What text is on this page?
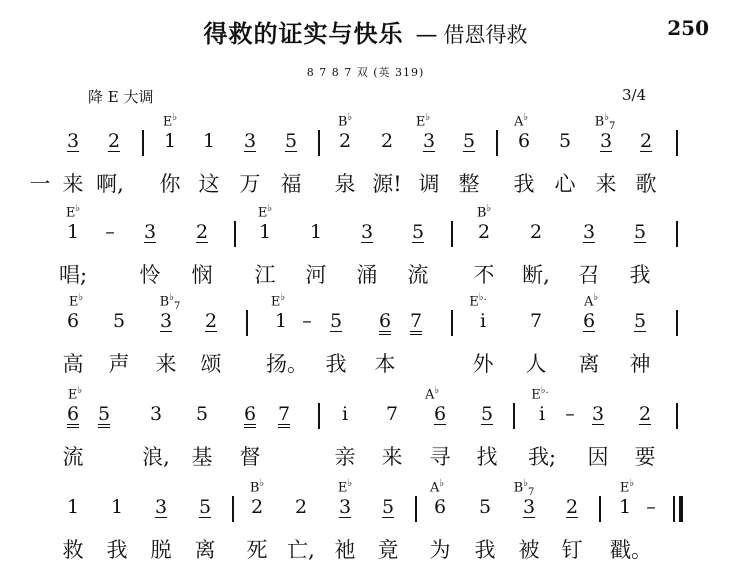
得救的证实与快乐 — 借恩得救	250
8 7 8 7 双 (英 319)
降 E 大调	3/4
E♭	B♭	E♭	A♭	$B^♭_7$
3 2 1 1 3 5 2 2 3 5 6 5 3 2
一 来 啊, 你 这 万 福 泉 源! 调 整 我 心 来 歌
E♭	E♭	B♭
1 – 3 2	1 1 3 5	2 2 3 5
唱; 怜 悯 江 河 涌 流 不 断, 召 我
E♭	$B^♭_7$	E♭	E♭.	A♭
6 5 3 2	1 – 5 6 7	i	7 6 5
高 声 来 颂 扬。 我 本	外 人 离 神
E♭	A♭	E♭.
6 5 3 5 6 7	i	7 6 5	i	– 3 2
流	浪, 基 督	亲 来 寻 找 我; 因 要
B♭	E♭	A♭	$B^♭_7$	E♭
1 1 3 5 2 2 3 5 6 5 3 2 1 –
救 我 脱 离 死 亡, 祂 竟 为 我 被 钉 戳。
